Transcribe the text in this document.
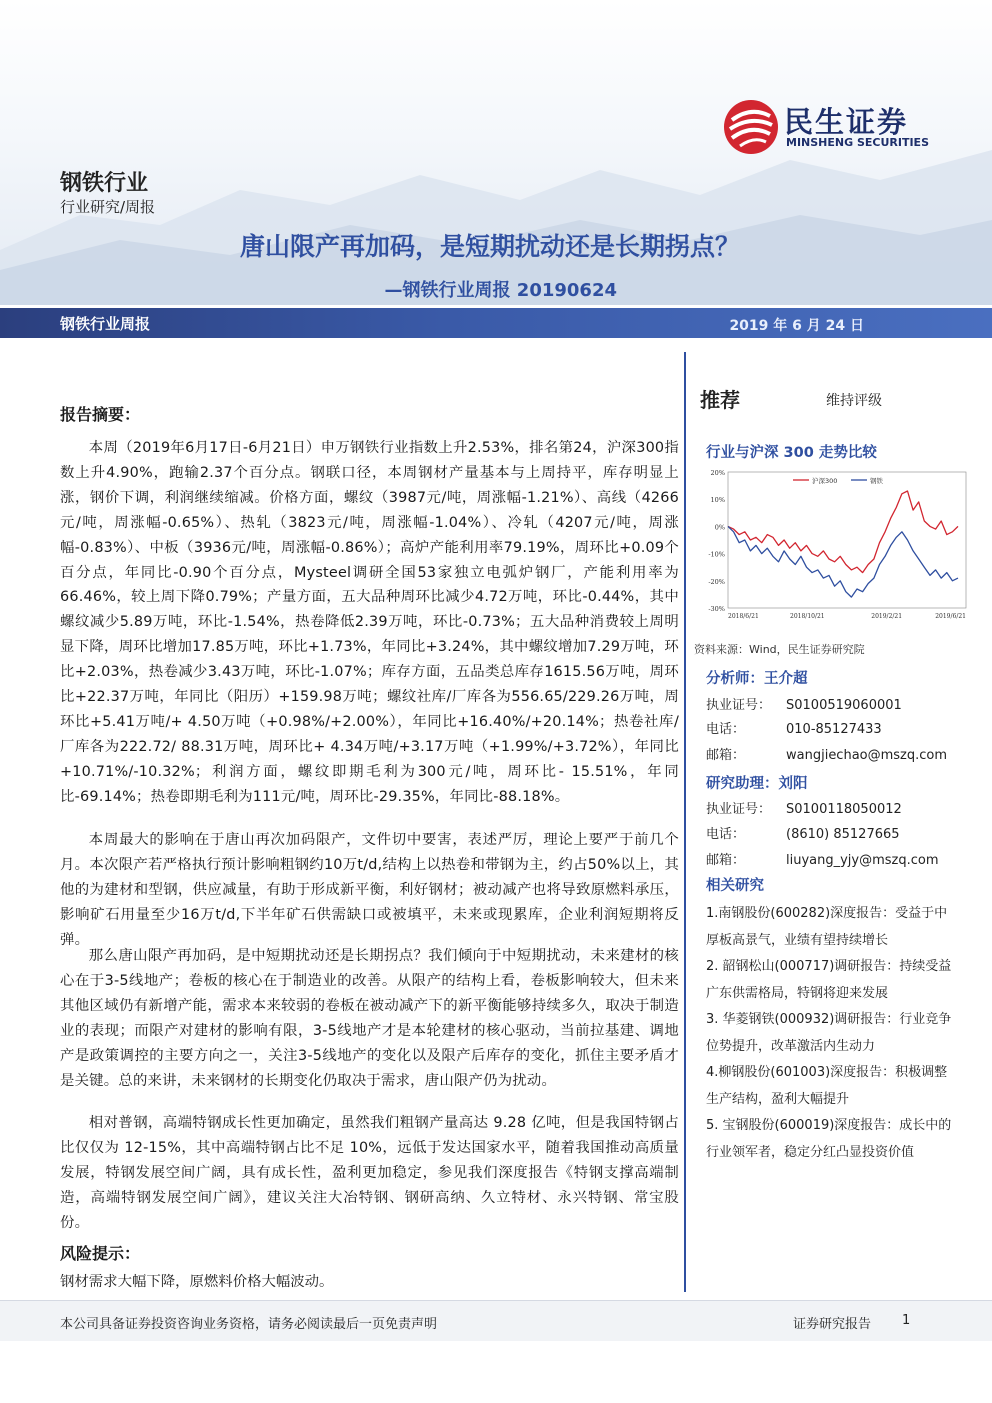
民生证券
MINSHENG SECURITIES
钢铁行业
行业研究/周报
唐山限产再加码，是短期扰动还是长期拐点？
—钢铁行业周报 20190624
钢铁行业周报	2019 年 6 月 24 日
报告摘要：
本周（2019年6月17日-6月21日）申万钢铁行业指数上升2.53%，排名第24，沪深300指数上升4.90%，跑输2.37个百分点。钢联口径，本周钢材产量基本与上周持平，库存明显上涨，钢价下调，利润继续缩减。价格方面，螺纹（3987元/吨，周涨幅-1.21%）、高线（4266元/吨，周涨幅-0.65%）、热轧（3823元/吨，周涨幅-1.04%）、冷轧（4207元/吨，周涨幅-0.83%）、中板（3936元/吨，周涨幅-0.86%）；高炉产能利用率79.19%，周环比+0.09个百分点，年同比-0.90个百分点，Mysteel调研全国53家独立电弧炉钢厂，产能利用率为66.46%，较上周下降0.79%；产量方面，五大品种周环比减少4.72万吨，环比-0.44%，其中螺纹减少5.89万吨，环比-1.54%，热卷降低2.39万吨，环比-0.73%；五大品种消费较上周明显下降，周环比增加17.85万吨，环比+1.73%，年同比+3.24%，其中螺纹增加7.29万吨，环比+2.03%，热卷减少3.43万吨，环比-1.07%；库存方面，五品类总库存1615.56万吨，周环比+22.37万吨，年同比（阳历）+159.98万吨；螺纹社库/厂库各为556.65/229.26万吨，周环比+5.41万吨/+ 4.50万吨（+0.98%/+2.00%），年同比+16.40%/+20.14%；热卷社库/厂库各为222.72/ 88.31万吨，周环比+ 4.34万吨/+3.17万吨（+1.99%/+3.72%），年同比+10.71%/-10.32%；利润方面，螺纹即期毛利为300元/吨，周环比- 15.51%，年同比-69.14%；热卷即期毛利为111元/吨，周环比-29.35%，年同比-88.18%。
本周最大的影响在于唐山再次加码限产，文件切中要害，表述严厉，理论上要严于前几个月。本次限产若严格执行预计影响粗钢约10万t/d,结构上以热卷和带钢为主，约占50%以上，其他的为建材和型钢，供应减量，有助于形成新平衡，利好钢材；被动减产也将导致原燃料承压，影响矿石用量至少16万t/d,下半年矿石供需缺口或被填平，未来或现累库，企业利润短期将反弹。
那么唐山限产再加码，是中短期扰动还是长期拐点？我们倾向于中短期扰动，未来建材的核心在于3-5线地产；卷板的核心在于制造业的改善。从限产的结构上看，卷板影响较大，但未来其他区域仍有新增产能，需求本来较弱的卷板在被动减产下的新平衡能够持续多久，取决于制造业的表现；而限产对建材的影响有限，3-5线地产才是本轮建材的核心驱动，当前拉基建、调地产是政策调控的主要方向之一，关注3-5线地产的变化以及限产后库存的变化，抓住主要矛盾才是关键。总的来讲，未来钢材的长期变化仍取决于需求，唐山限产仍为扰动。
相对普钢，高端特钢成长性更加确定，虽然我们粗钢产量高达 9.28 亿吨，但是我国特钢占比仅仅为 12-15%，其中高端特钢占比不足 10%，远低于发达国家水平，随着我国推动高质量发展，特钢发展空间广阔，具有成长性，盈利更加稳定，参见我们深度报告《特钢支撑高端制造，高端特钢发展空间广阔》，建议关注大冶特钢、钢研高纳、久立特材、永兴特钢、常宝股份。
风险提示：
钢材需求大幅下降，原燃料价格大幅波动。
推荐	维持评级
行业与沪深 300 走势比较
20%
10%
0%
-10%
-20%
-30%
2018/6/21	2018/10/21	2019/2/21	2019/6/21
沪深300	钢铁
资料来源：Wind，民生证券研究院
分析师：王介超
执业证号： S0100519060001
电话：	010-85127433
邮箱：	wangjiechao@mszq.com
研究助理：刘阳
执业证号： S0100118050012
电话：	(8610) 85127665
邮箱：	liuyang_yjy@mszq.com
相关研究
1.南钢股份(600282)深度报告：受益于中厚板高景气，业绩有望持续增长
2. 韶钢松山(000717)调研报告：持续受益广东供需格局，特钢将迎来发展
3. 华菱钢铁(000932)调研报告：行业竞争位势提升，改革激活内生动力
4.柳钢股份(601003)深度报告：积极调整生产结构，盈利大幅提升
5. 宝钢股份(600019)深度报告：成长中的行业领军者，稳定分红凸显投资价值
本公司具备证券投资咨询业务资格，请务必阅读最后一页免责声明	证券研究报告 1
